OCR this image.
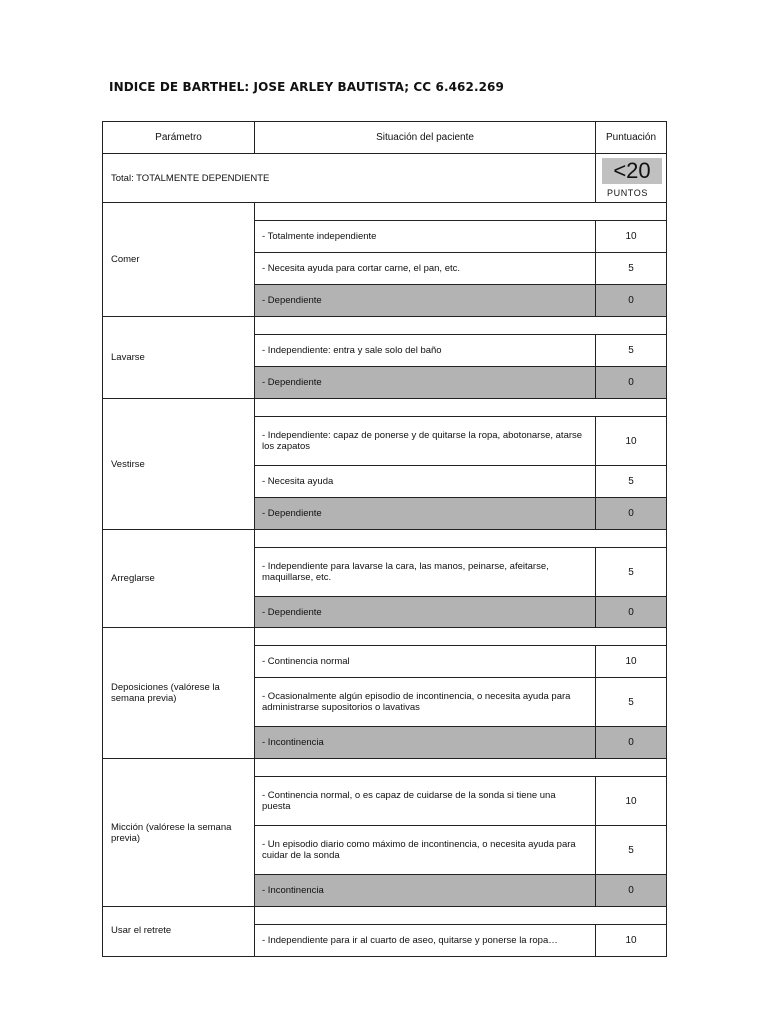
INDICE DE BARTHEL: JOSE ARLEY BAUTISTA; CC 6.462.269
Parámetro	Situación del paciente	Puntuación
Total: TOTALMENTE DEPENDIENTE	<20
PUNTOS
Comer
- Totalmente independiente	10
- Necesita ayuda para cortar carne, el pan, etc.	5
- Dependiente	0
Lavarse
- Independiente: entra y sale solo del baño	5
- Dependiente	0
Vestirse
- Independiente: capaz de ponerse y de quitarse la ropa, abotonarse, atarse los zapatos	10
- Necesita ayuda	5
- Dependiente	0
Arreglarse
- Independiente para lavarse la cara, las manos, peinarse, afeitarse, maquillarse, etc.	5
- Dependiente	0
Deposiciones (valórese la semana previa)
- Continencia normal	10
- Ocasionalmente algún episodio de incontinencia, o necesita ayuda para administrarse supositorios o lavativas	5
- Incontinencia	0
Micción (valórese la semana previa)
- Continencia normal, o es capaz de cuidarse de la sonda si tiene una puesta	10
- Un episodio diario como máximo de incontinencia, o necesita ayuda para cuidar de la sonda	5
- Incontinencia	0
Usar el retrete
- Independiente para ir al cuarto de aseo, quitarse y ponerse la ropa…	10
